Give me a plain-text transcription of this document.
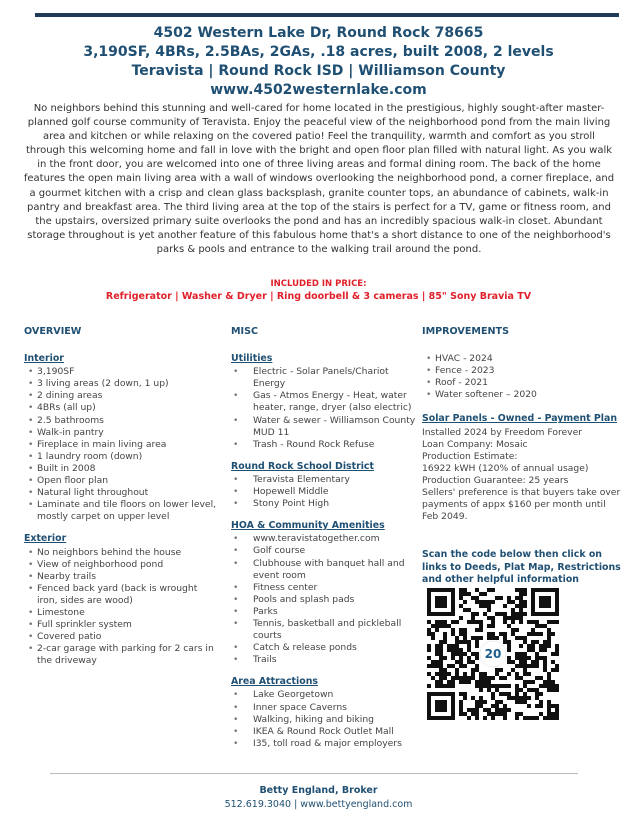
4502 Western Lake Dr, Round Rock 78665
3,190SF, 4BRs, 2.5BAs, 2GAs, .18 acres, built 2008, 2 levels
Teravista | Round Rock ISD | Williamson County
www.4502westernlake.com

No neighbors behind this stunning and well-cared for home located in the prestigious, highly sought-after master-planned golf course community of Teravista. Enjoy the peaceful view of the neighborhood pond from the main living area and kitchen or while relaxing on the covered patio! Feel the tranquility, warmth and comfort as you stroll through this welcoming home and fall in love with the bright and open floor plan filled with natural light. As you walk in the front door, you are welcomed into one of three living areas and formal dining room. The back of the home features the open main living area with a wall of windows overlooking the neighborhood pond, a corner fireplace, and a gourmet kitchen with a crisp and clean glass backsplash, granite counter tops, an abundance of cabinets, walk-in pantry and breakfast area. The third living area at the top of the stairs is perfect for a TV, game or fitness room, and the upstairs, oversized primary suite overlooks the pond and has an incredibly spacious walk-in closet. Abundant storage throughout is yet another feature of this fabulous home that's a short distance to one of the neighborhood's parks & pools and entrance to the walking trail around the pond.

INCLUDED IN PRICE:
Refrigerator | Washer & Dryer | Ring doorbell & 3 cameras | 85" Sony Bravia TV
OVERVIEW
Interior
• 3,190SF
• 3 living areas (2 down, 1 up)
• 2 dining areas
• 4BRs (all up)
• 2.5 bathrooms
• Walk-in pantry
• Fireplace in main living area
• 1 laundry room (down)
• Built in 2008
• Open floor plan
• Natural light throughout
• Laminate and tile floors on lower level, mostly carpet on upper level
Exterior
• No neighbors behind the house
• View of neighborhood pond
• Nearby trails
• Fenced back yard (back is wrought iron, sides are wood)
• Limestone
• Full sprinkler system
• Covered patio
• 2-car garage with parking for 2 cars in the driveway
MISC
Utilities
• Electric - Solar Panels/Chariot Energy
• Gas - Atmos Energy - Heat, water heater, range, dryer (also electric)
• Water & sewer - Williamson County MUD 11
• Trash - Round Rock Refuse
Round Rock School District
• Teravista Elementary
• Hopewell Middle
• Stony Point High
HOA & Community Amenities
• www.teravistatogether.com
• Golf course
• Clubhouse with banquet hall and event room
• Fitness center
• Pools and splash pads
• Parks
• Tennis, basketball and pickleball courts
• Catch & release ponds
• Trails
Area Attractions
• Lake Georgetown
• Inner space Caverns
• Walking, hiking and biking
• IKEA & Round Rock Outlet Mall
• I35, toll road & major employers
IMPROVEMENTS
• HVAC - 2024
• Fence - 2023
• Roof - 2021
• Water softener – 2020
Solar Panels - Owned - Payment Plan
Installed 2024 by Freedom Forever
Loan Company: Mosaic
Production Estimate:
16922 kWH (120% of annual usage)
Production Guarantee: 25 years
Sellers' preference is that buyers take over payments of appx $160 per month until Feb 2049.
Scan the code below then click on links to Deeds, Plat Map, Restrictions and other helpful information
20
Betty England, Broker
512.619.3040 | www.bettyengland.com
